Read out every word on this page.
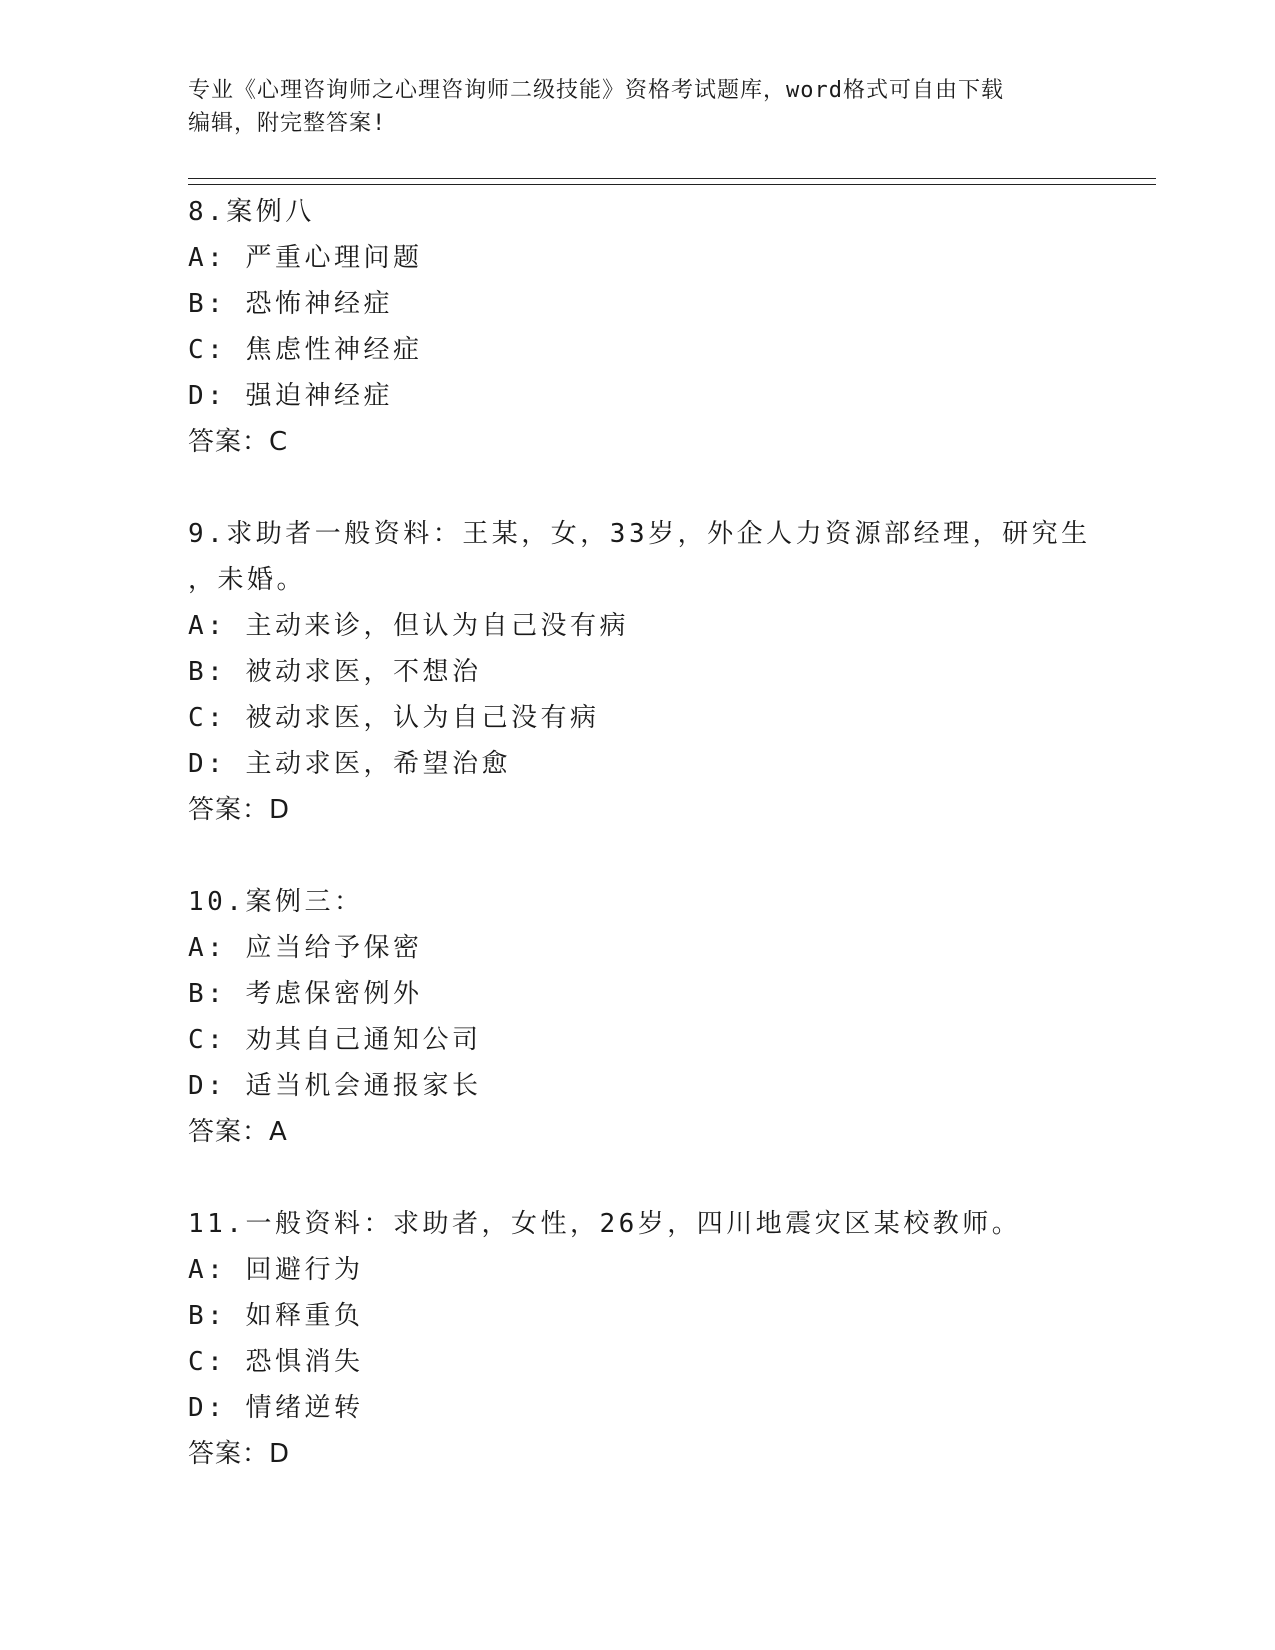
专业《心理咨询师之心理咨询师二级技能》资格考试题库，word格式可自由下载
编辑，附完整答案!
8.案例八
A: 严重心理问题
B: 恐怖神经症
C: 焦虑性神经症
D: 强迫神经症
答案：C
9.求助者一般资料：王某，女，33岁，外企人力资源部经理，研究生
，未婚。
A: 主动来诊，但认为自己没有病
B: 被动求医，不想治
C: 被动求医，认为自己没有病
D: 主动求医，希望治愈
答案：D
10.案例三：
A: 应当给予保密
B: 考虑保密例外
C: 劝其自己通知公司
D: 适当机会通报家长
答案：A
11.一般资料：求助者，女性，26岁，四川地震灾区某校教师。
A: 回避行为
B: 如释重负
C: 恐惧消失
D: 情绪逆转
答案：D
